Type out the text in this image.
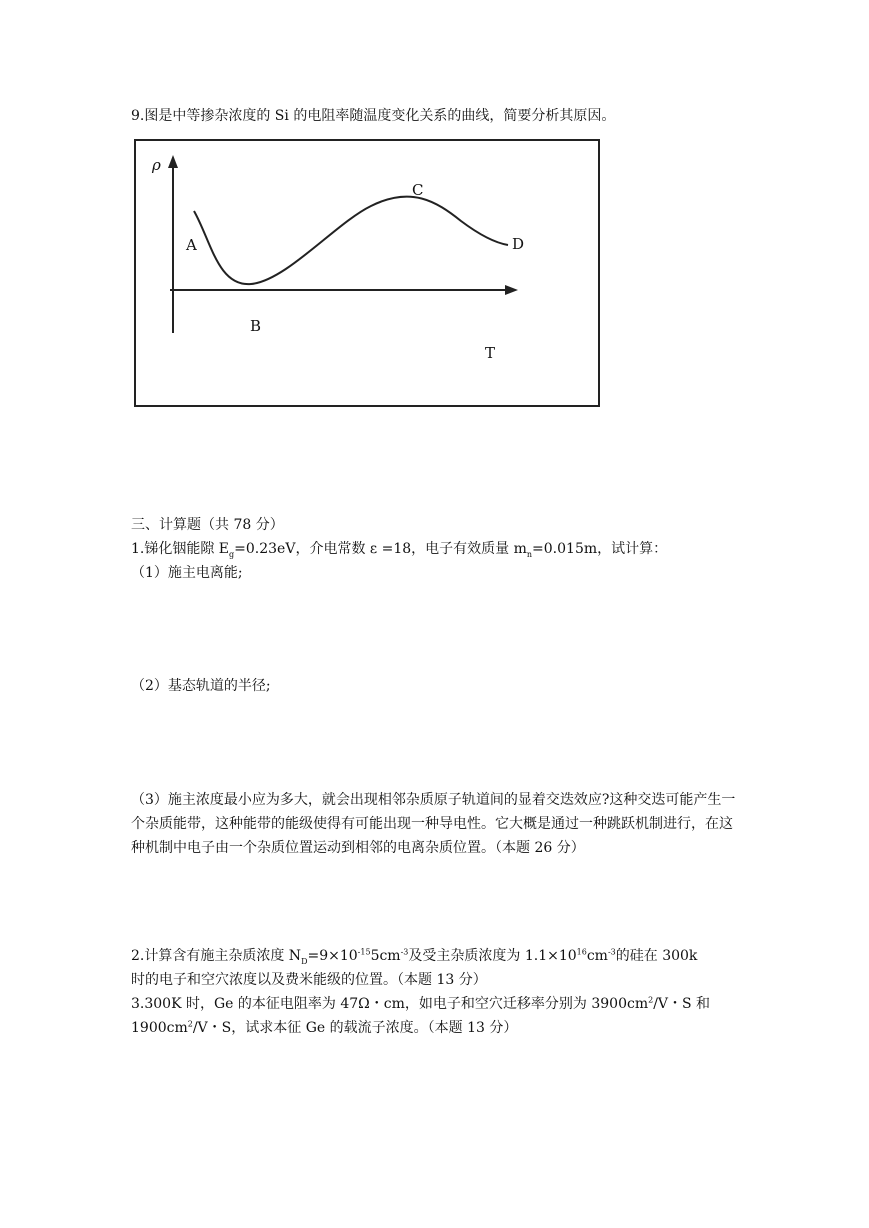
9.图是中等掺杂浓度的 Si 的电阻率随温度变化关系的曲线，简要分析其原因。
ρ
A
B
C
D
T
三、计算题（共 78 分）
1.锑化铟能隙 $E_g=0.23eV$，介电常数 ε =18，电子有效质量 $m_n=0.015m$，试计算：
（1）施主电离能;
（2）基态轨道的半径;
（3）施主浓度最小应为多大，就会出现相邻杂质原子轨道间的显着交迭效应?这种交迭可能产生一个杂质能带，这种能带的能级使得有可能出现一种导电性。它大概是通过一种跳跃机制进行，在这种机制中电子由一个杂质位置运动到相邻的电离杂质位置。（本题 26 分）
2.计算含有施主杂质浓度 $N_D=9\times 10^{-15}5cm^{-3}$及受主杂质浓度为 $1.1\times 10^{16}cm^{-3}$的硅在 300k
时的电子和空穴浓度以及费米能级的位置。（本题 13 分）
3.300K 时，Ge 的本征电阻率为 47Ω・cm，如电子和空穴迁移率分别为 $3900cm^2/V$・S 和
$1900cm^2/V$・S，试求本征 Ge 的载流子浓度。（本题 13 分）
